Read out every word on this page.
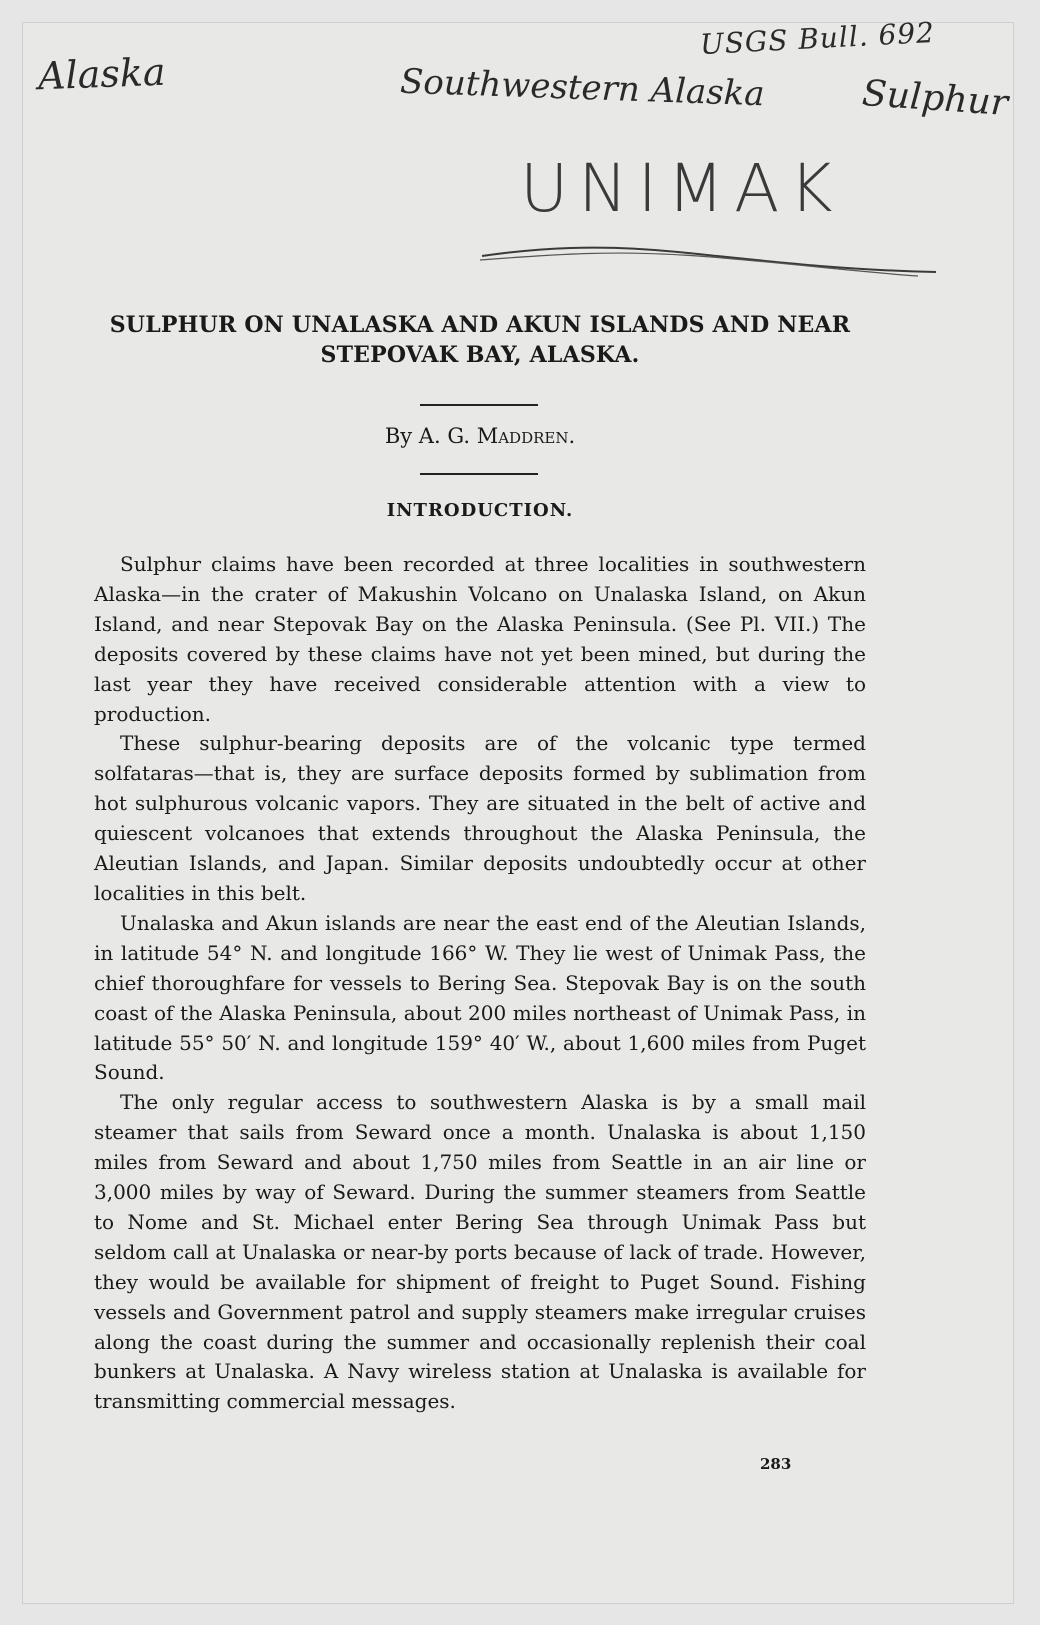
Alaska
USGS Bull. 692
Southwestern Alaska	Sulphur
UNIMAK
SULPHUR ON UNALASKA AND AKUN ISLANDS AND NEAR
STEPOVAK BAY, ALASKA.
By A. G. Maddren.
INTRODUCTION.

Sulphur claims have been recorded at three localities in southwestern Alaska—in the crater of Makushin Volcano on Unalaska Island, on Akun Island, and near Stepovak Bay on the Alaska Peninsula. (See Pl. VII.) The deposits covered by these claims have not yet been mined, but during the last year they have received considerable attention with a view to production.

These sulphur-bearing deposits are of the volcanic type termed solfataras—that is, they are surface deposits formed by sublimation from hot sulphurous volcanic vapors. They are situated in the belt of active and quiescent volcanoes that extends throughout the Alaska Peninsula, the Aleutian Islands, and Japan. Similar deposits undoubtedly occur at other localities in this belt.

Unalaska and Akun islands are near the east end of the Aleutian Islands, in latitude 54° N. and longitude 166° W. They lie west of Unimak Pass, the chief thoroughfare for vessels to Bering Sea. Stepovak Bay is on the south coast of the Alaska Peninsula, about 200 miles northeast of Unimak Pass, in latitude 55° 50′ N. and longitude 159° 40′ W., about 1,600 miles from Puget Sound.

The only regular access to southwestern Alaska is by a small mail steamer that sails from Seward once a month. Unalaska is about 1,150 miles from Seward and about 1,750 miles from Seattle in an air line or 3,000 miles by way of Seward. During the summer steamers from Seattle to Nome and St. Michael enter Bering Sea through Unimak Pass but seldom call at Unalaska or near-by ports because of lack of trade. However, they would be available for shipment of freight to Puget Sound. Fishing vessels and Government patrol and supply steamers make irregular cruises along the coast during the summer and occasionally replenish their coal bunkers at Unalaska. A Navy wireless station at Unalaska is available for transmitting commercial messages.

283
